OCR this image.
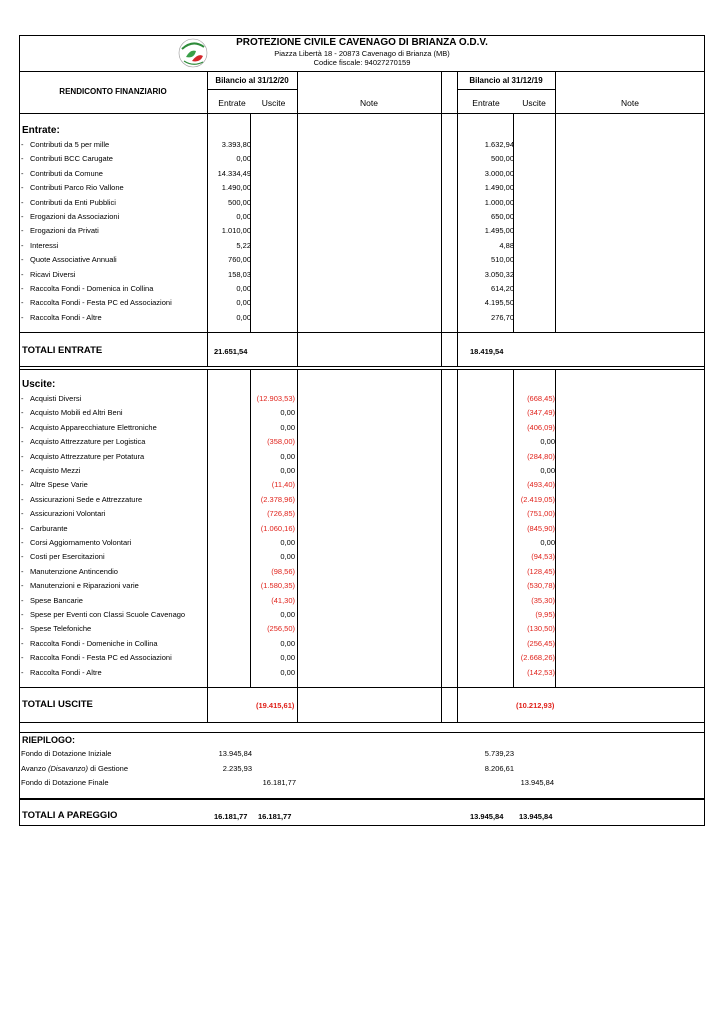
PROTEZIONE CIVILE CAVENAGO DI BRIANZA O.D.V.
Piazza Libertà 18 - 20873 Cavenago di Brianza (MB)
Codice fiscale: 94027270159
RENDICONTO FINANZIARIO
Bilancio al 31/12/20	Bilancio al 31/12/19
Entrate	Uscite	Note	Entrate	Uscite	Note
Entrate:
- Contributi da 5 per mille	3.393,80	1.632,94
- Contributi BCC Carugate	0,00	500,00
- Contributi da Comune	14.334,49	3.000,00
- Contributi Parco Rio Vallone	1.490,00	1.490,00
- Contributi da Enti Pubblici	500,00	1.000,00
- Erogazioni da Associazioni	0,00	650,00
- Erogazioni da Privati	1.010,00	1.495,00
- Interessi	5,22	4,88
- Quote Associative Annuali	760,00	510,00
- Ricavi Diversi	158,03	3.050,32
- Raccolta Fondi - Domenica in Collina	0,00	614,20
- Raccolta Fondi - Festa PC ed Associazioni	0,00	4.195,50
- Raccolta Fondi - Altre	0,00	276,70
TOTALI ENTRATE	21.651,54	18.419,54
Uscite:
- Acquisti Diversi	(12.903,53)	(668,45)
- Acquisto Mobili ed Altri Beni	0,00	(347,49)
- Acquisto Apparecchiature Elettroniche	0,00	(406,09)
- Acquisto Attrezzature per Logistica	(358,00)	0,00
- Acquisto Attrezzature per Potatura	0,00	(284,80)
- Acquisto Mezzi	0,00	0,00
- Altre Spese Varie	(11,40)	(493,40)
- Assicurazioni Sede e Attrezzature	(2.378,96)	(2.419,05)
- Assicurazioni Volontari	(726,85)	(751,00)
- Carburante	(1.060,16)	(845,90)
- Corsi Aggiornamento Volontari	0,00	0,00
- Costi per Esercitazioni	0,00	(94,53)
- Manutenzione Antincendio	(98,56)	(128,45)
- Manutenzioni e Riparazioni varie	(1.580,35)	(530,78)
- Spese Bancarie	(41,30)	(35,30)
- Spese per Eventi con Classi Scuole Cavenago	0,00	(9,95)
- Spese Telefoniche	(256,50)	(130,50)
- Raccolta Fondi - Domeniche in Collina	0,00	(256,45)
- Raccolta Fondi - Festa PC ed Associazioni	0,00	(2.668,26)
- Raccolta Fondi - Altre	0,00	(142,53)
TOTALI USCITE	(19.415,61)	(10.212,93)
RIEPILOGO:
Fondo di Dotazione Iniziale	13.945,84	5.739,23
Avanzo (Disavanzo) di Gestione	2.235,93	8.206,61
Fondo di Dotazione Finale	16.181,77	13.945,84
TOTALI A PAREGGIO	16.181,77 16.181,77	13.945,84 13.945,84
